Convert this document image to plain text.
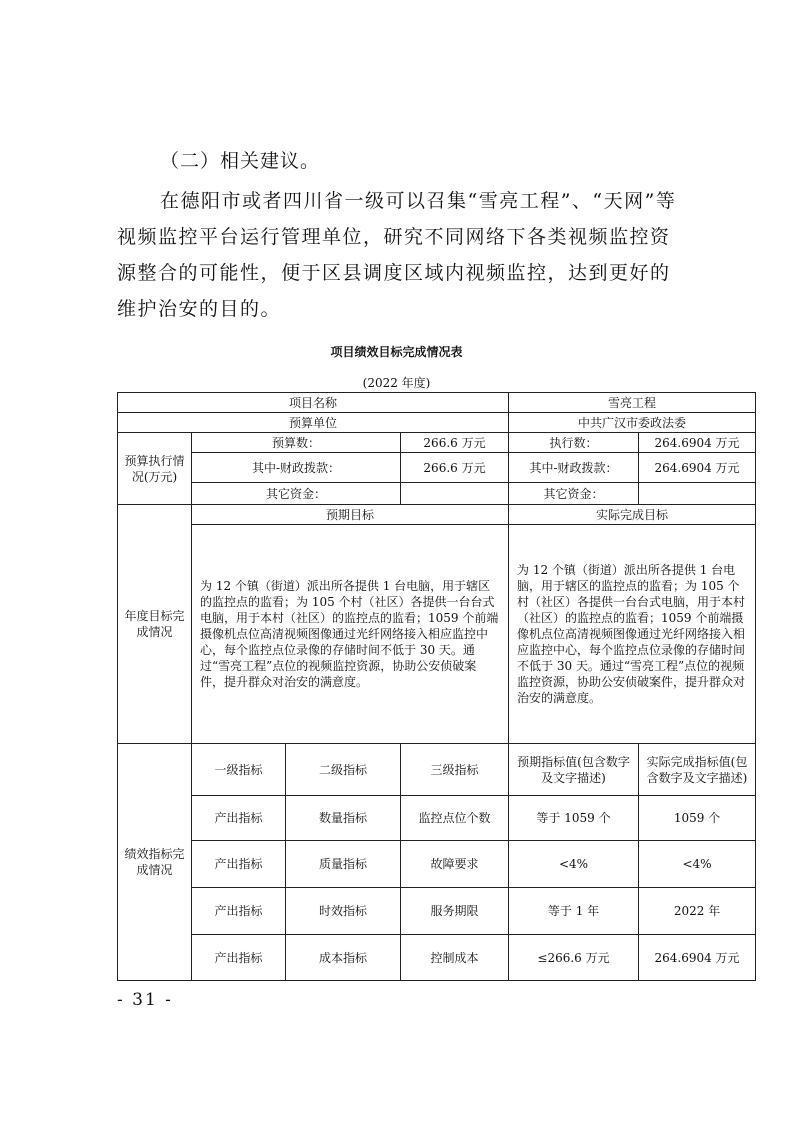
（二）相关建议。

在德阳市或者四川省一级可以召集“雪亮工程”、“天网”等视频监控平台运行管理单位，研究不同网络下各类视频监控资源整合的可能性，便于区县调度区域内视频监控，达到更好的维护治安的目的。

项目绩效目标完成情况表
(2022 年度)
项目名称				雪亮工程	
预算单位				中共广汉市委政法委	
预算执行情况(万元)	预算数：		266.6 万元	执行数：	264.6904 万元
	其中-财政拨款：		266.6 万元	其中-财政拨款：	264.6904 万元
	其它资金：			其它资金：	
年度目标完成情况	预期目标			实际完成目标	
	为 12 个镇（街道）派出所各提供 1 台电脑，用于辖区的监控点的监看；为 105 个村（社区）各提供一台台式电脑，用于本村（社区）的监控点的监看；1059 个前端摄像机点位高清视频图像通过光纤网络接入相应监控中心，每个监控点位录像的存储时间不低于 30 天。通过“雪亮工程”点位的视频监控资源，协助公安侦破案件，提升群众对治安的满意度。			为 12 个镇（街道）派出所各提供 1 台电脑，用于辖区的监控点的监看；为 105 个村（社区）各提供一台台式电脑，用于本村（社区）的监控点的监看；1059 个前端摄像机点位高清视频图像通过光纤网络接入相应监控中心，每个监控点位录像的存储时间不低于 30 天。通过“雪亮工程”点位的视频监控资源，协助公安侦破案件，提升群众对治安的满意度。	
绩效指标完成情况	一级指标	二级指标	三级指标	预期指标值(包含数字及文字描述)	实际完成指标值(包含数字及文字描述)
	产出指标	数量指标	监控点位个数	等于 1059 个	1059 个
	产出指标	质量指标	故障要求	<4%	<4%
	产出指标	时效指标	服务期限	等于 1 年	2022 年
	产出指标	成本指标	控制成本	≤266.6 万元	264.6904 万元
- 31 -
